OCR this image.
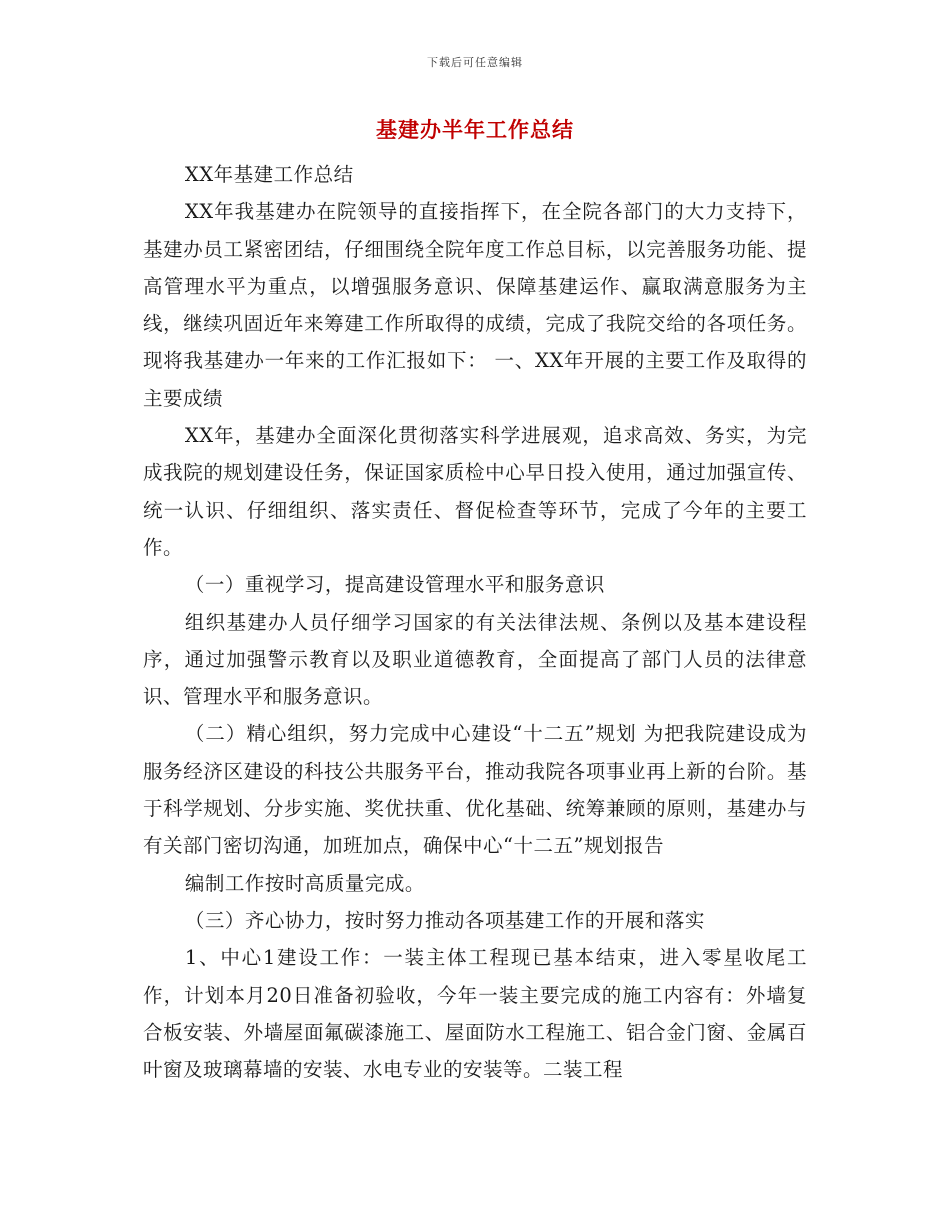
下载后可任意编辑
基建办半年工作总结

XX年基建工作总结

XX年我基建办在院领导的直接指挥下，在全院各部门的大力支持下，基建办员工紧密团结，仔细围绕全院年度工作总目标，以完善服务功能、提高管理水平为重点，以增强服务意识、保障基建运作、赢取满意服务为主线，继续巩固近年来筹建工作所取得的成绩，完成了我院交给的各项任务。现将我基建办一年来的工作汇报如下： 一、XX年开展的主要工作及取得的主要成绩

XX年，基建办全面深化贯彻落实科学进展观，追求高效、务实，为完成我院的规划建设任务，保证国家质检中心早日投入使用，通过加强宣传、统一认识、仔细组织、落实责任、督促检查等环节，完成了今年的主要工作。

（一）重视学习，提高建设管理水平和服务意识

组织基建办人员仔细学习国家的有关法律法规、条例以及基本建设程序，通过加强警示教育以及职业道德教育，全面提高了部门人员的法律意识、管理水平和服务意识。

（二）精心组织，努力完成中心建设“十二五”规划 为把我院建设成为服务经济区建设的科技公共服务平台，推动我院各项事业再上新的台阶。基于科学规划、分步实施、奖优扶重、优化基础、统筹兼顾的原则，基建办与有关部门密切沟通，加班加点，确保中心“十二五”规划报告

编制工作按时高质量完成。

（三）齐心协力，按时努力推动各项基建工作的开展和落实

1、中心1建设工作：一装主体工程现已基本结束，进入零星收尾工作，计划本月20日准备初验收，今年一装主要完成的施工内容有：外墙复合板安装、外墙屋面氟碳漆施工、屋面防水工程施工、铝合金门窗、金属百叶窗及玻璃幕墙的安装、水电专业的安装等。二装工程
